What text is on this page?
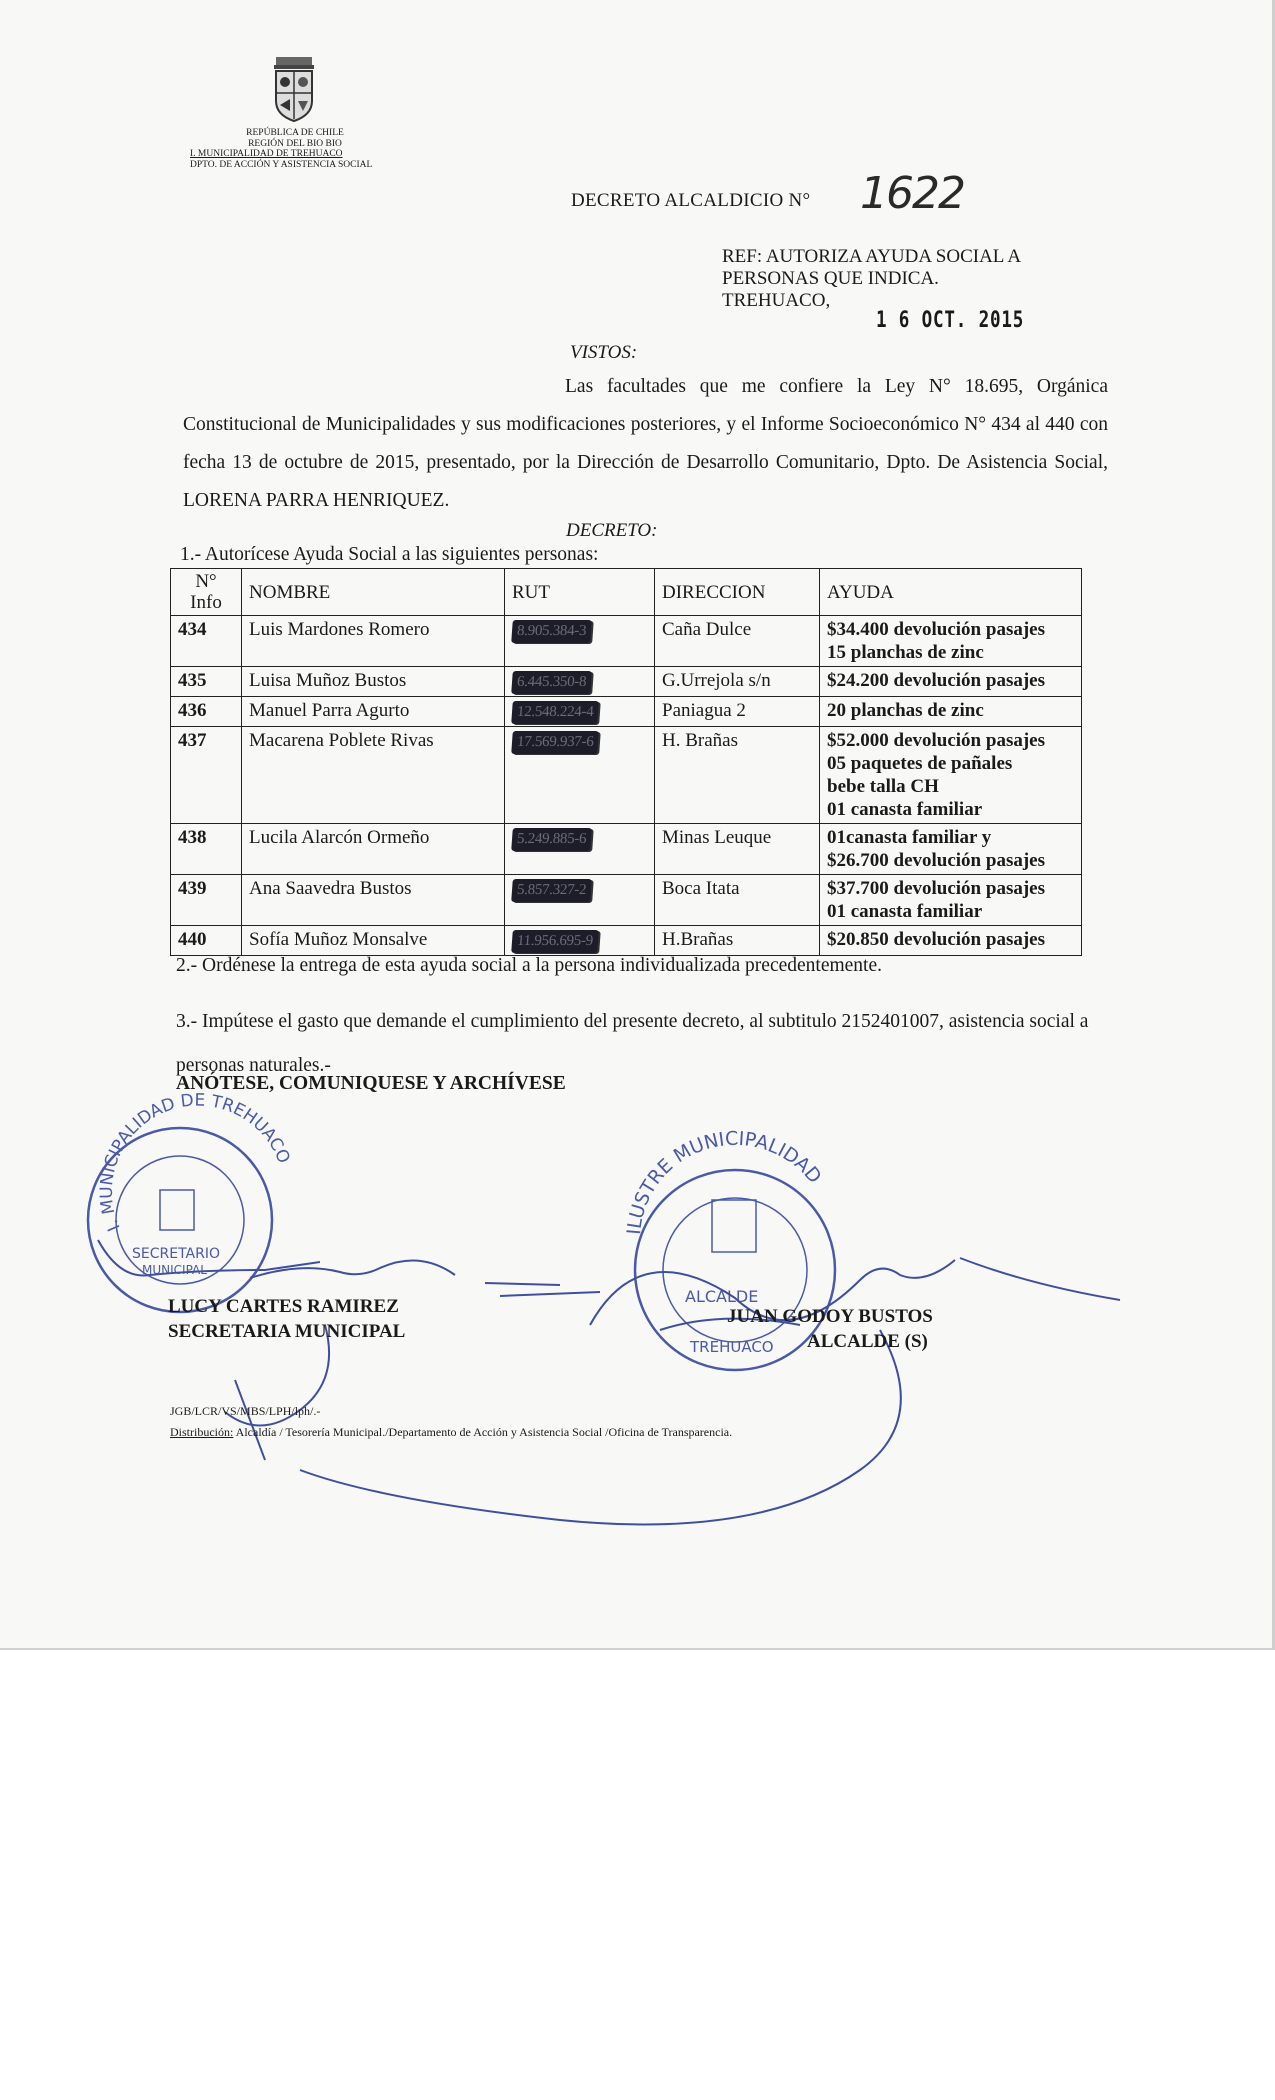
REPÚBLICA DE CHILE
REGIÓN DEL BIO BIO
I. MUNICIPALIDAD DE TREHUACO
DPTO. DE ACCIÓN Y ASISTENCIA SOCIAL
DECRETO ALCALDICIO N° 1622
REF: AUTORIZA AYUDA SOCIAL A
PERSONAS QUE INDICA.
TREHUACO,
1 6 OCT. 2015
VISTOS:
Las facultades que me confiere la Ley N° 18.695, Orgánica Constitucional de Municipalidades y sus modificaciones posteriores, y el Informe Socioeconómico N° 434 al 440 con fecha 13 de octubre de 2015, presentado, por la Dirección de Desarrollo Comunitario, Dpto. De Asistencia Social, LORENA PARRA HENRIQUEZ.
DECRETO:
1.- Autorícese Ayuda Social a las siguientes personas:
N° Info	NOMBRE	RUT	DIRECCION	AYUDA
434	Luis Mardones Romero	8.905.384-3	Caña Dulce	$34.400 devolución pasajes
15 planchas de zinc

435	Luisa Muñoz Bustos	6.445.350-8	G.Urrejola s/n	$24.200 devolución pasajes

436	Manuel Parra Agurto	12.548.224-4	Paniagua 2	20 planchas de zinc

437	Macarena Poblete Rivas	17.569.937-6	H. Brañas	$52.000 devolución pasajes
05 paquetes de pañales
bebe talla CH
01 canasta familiar

438	Lucila Alarcón Ormeño	5.249.885-6	Minas Leuque	01canasta familiar y
$26.700 devolución pasajes

439	Ana Saavedra Bustos	5.857.327-2	Boca Itata	$37.700 devolución pasajes
01 canasta familiar

440	Sofía Muñoz Monsalve	11.956.695-9	H.Brañas	$20.850 devolución pasajes
2.- Ordénese la entrega de esta ayuda social a la persona individualizada precedentemente.
3.- Impútese el gasto que demande el cumplimiento del presente decreto, al subtitulo 2152401007, asistencia social a personas naturales.-
ANÓTESE, COMUNIQUESE Y ARCHÍVESE
I. MUNICIPALIDAD DE TREHUACO
SECRETARIO
MUNICIPAL
ILUSTRE MUNICIPALIDAD
ALCALDE
TREHUACO
LUCY CARTES RAMIREZ
SECRETARIA MUNICIPAL
JUAN GODOY BUSTOS
ALCALDE (S)
JGB/LCR/VS/MBS/LPH/lph/.-
Distribución: Alcaldía / Tesorería Municipal./Departamento de Acción y Asistencia Social /Oficina de Transparencia.
